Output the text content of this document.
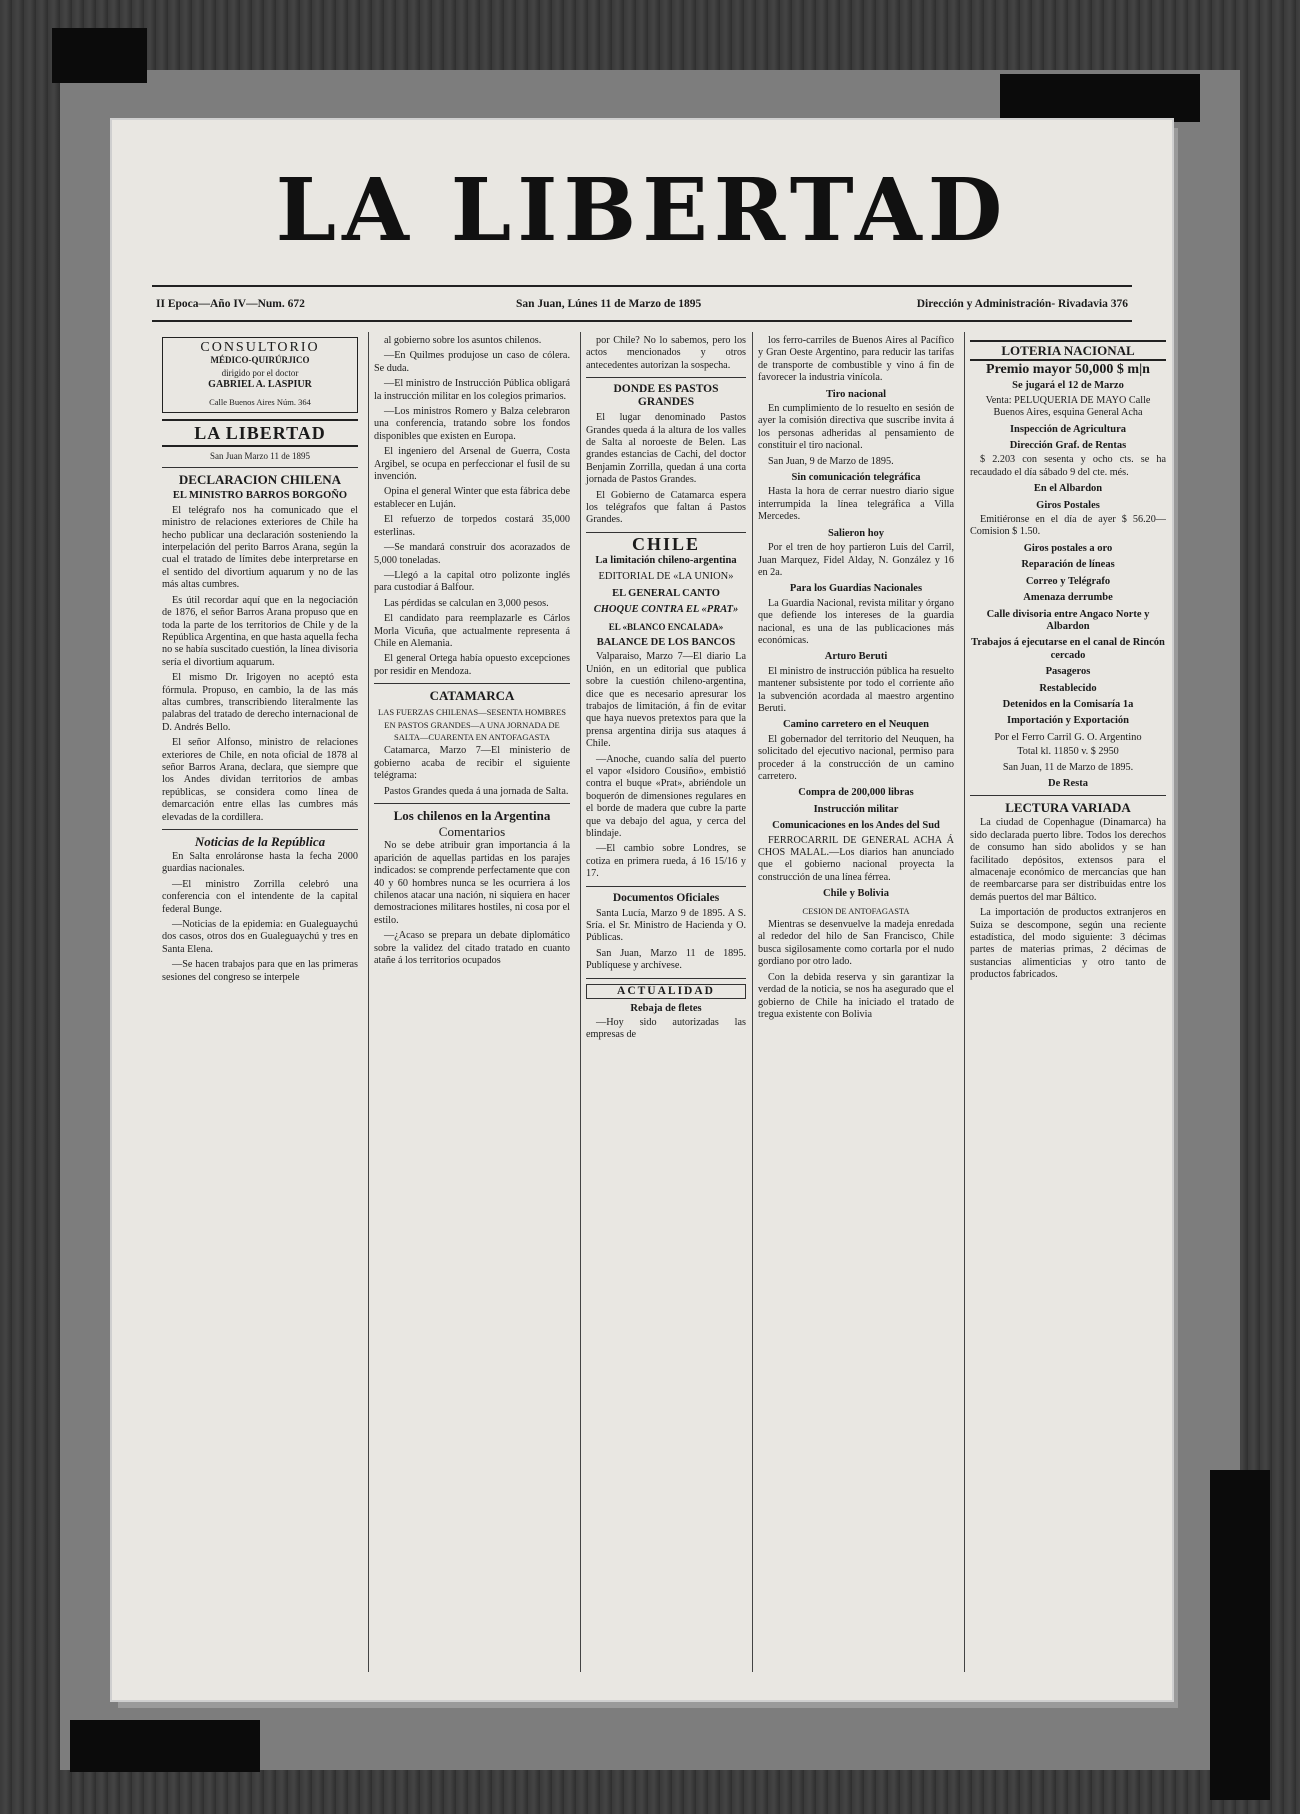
LA LIBERTAD
II Epoca—Año IV—Num. 672	San Juan, Lúnes 11 de Marzo de 1895	Dirección y Administración- Rivadavia 376
CONSULTORIO
MÉDICO-QUIRÚRJICO
dirigido por el doctor
GABRIEL A. LASPIUR
Calle Buenos Aires Núm. 364
LA LIBERTAD
San Juan Marzo 11 de 1895
DECLARACION CHILENA
EL MINISTRO BARROS BORGOÑO

El telégrafo nos ha comunicado que el ministro de relaciones exteriores de Chile ha hecho publicar una declaración sosteniendo la interpelación del perito Barros Arana, según la cual el tratado de límites debe interpretarse en el sentido del divortium aquarum y no de las más altas cumbres.

Es útil recordar aquí que en la negociación de 1876, el señor Barros Arana propuso que en toda la parte de los territorios de Chile y de la República Argentina, en que hasta aquella fecha no se había suscitado cuestión, la línea divisoria sería el divortium aquarum.

El mismo Dr. Irigoyen no aceptó esta fórmula. Propuso, en cambio, la de las más altas cumbres, transcribiendo literalmente las palabras del tratado de derecho internacional de D. Andrés Bello.

El señor Alfonso, ministro de relaciones exteriores de Chile, en nota oficial de 1878 al señor Barros Arana, declara, que siempre que los Andes dividan territorios de ambas repúblicas, se considera como línea de demarcación entre ellas las cumbres más elevadas de la cordillera.

Noticias de la República

En Salta enroláronse hasta la fecha 2000 guardias nacionales.

—El ministro Zorrilla celebró una conferencia con el intendente de la capital federal Bunge.

—Noticias de la epidemia: en Gualeguaychú dos casos, otros dos en Gualeguaychú y tres en Santa Elena.

—Se hacen trabajos para que en las primeras sesiones del congreso se interpele

al gobierno sobre los asuntos chilenos.

—En Quilmes produjose un caso de cólera. Se duda.

—El ministro de Instrucción Pública obligará la instrucción militar en los colegios primarios.

—Los ministros Romero y Balza celebraron una conferencia, tratando sobre los fondos disponibles que existen en Europa.

El ingeniero del Arsenal de Guerra, Costa Argibel, se ocupa en perfeccionar el fusil de su invención.

Opina el general Winter que esta fábrica debe establecer en Luján.

El refuerzo de torpedos costará 35,000 esterlinas.

—Se mandará construir dos acorazados de 5,000 toneladas.

—Llegó a la capital otro polizonte inglés para custodiar á Balfour.

Las pérdidas se calculan en 3,000 pesos.

El candidato para reemplazarle es Cárlos Morla Vicuña, que actualmente representa á Chile en Alemania.

El general Ortega había opuesto excepciones por residir en Mendoza.

CATAMARCA
LAS FUERZAS CHILENAS—SESENTA HOMBRES EN PASTOS GRANDES—A UNA JORNADA DE SALTA—CUARENTA EN ANTOFAGASTA

Catamarca, Marzo 7—El ministerio de gobierno acaba de recibir el siguiente telégrama:

Pastos Grandes queda á una jornada de Salta.

Los chilenos en la Argentina
Comentarios

No se debe atribuir gran importancia á la aparición de aquellas partidas en los parajes indicados: se comprende perfectamente que con 40 y 60 hombres nunca se les ocurriera á los chilenos atacar una nación, ni siquiera en hacer demostraciones militares hostiles, ni cosa por el estilo.

—¿Acaso se prepara un debate diplomático sobre la validez del citado tratado en cuanto atañe á los territorios ocupados

por Chile? No lo sabemos, pero los actos mencionados y otros antecedentes autorizan la sospecha.

DONDE ES PASTOS GRANDES

El lugar denominado Pastos Grandes queda á la altura de los valles de Salta al noroeste de Belen. Las grandes estancias de Cachi, del doctor Benjamin Zorrilla, quedan á una corta jornada de Pastos Grandes.

El Gobierno de Catamarca espera los telégrafos que faltan á Pastos Grandes.

CHILE
La limitación chileno-argentina
EDITORIAL DE «LA UNION»
EL GENERAL CANTO
CHOQUE CONTRA EL «PRAT»
EL «BLANCO ENCALADA»
BALANCE DE LOS BANCOS

Valparaiso, Marzo 7—El diario La Unión, en un editorial que publica sobre la cuestión chileno-argentina, dice que es necesario apresurar los trabajos de limitación, á fin de evitar que haya nuevos pretextos para que la prensa argentina dirija sus ataques á Chile.

—Anoche, cuando salía del puerto el vapor «Isidoro Cousiño», embistió contra el buque «Prat», abriéndole un boquerón de dimensiones regulares en el borde de madera que cubre la parte que va debajo del agua, y cerca del blindaje.

—El cambio sobre Londres, se cotiza en primera rueda, á 16 15/16 y 17.

Documentos Oficiales

Santa Lucía, Marzo 9 de 1895. A S. Sría. el Sr. Ministro de Hacienda y O. Públicas.

San Juan, Marzo 11 de 1895. Publíquese y archívese.

ACTUALIDAD
Rebaja de fletes

—Hoy sido autorizadas las empresas de

los ferro-carriles de Buenos Aires al Pacífico y Gran Oeste Argentino, para reducir las tarifas de transporte de combustible y vino á fin de favorecer la industria vinícola.

Tiro nacional

En cumplimiento de lo resuelto en sesión de ayer la comisión directiva que suscribe invita á los personas adheridas al pensamiento de constituir el tiro nacional.

San Juan, 9 de Marzo de 1895.

Sin comunicación telegráfica

Hasta la hora de cerrar nuestro diario sigue interrumpida la línea telegráfica a Villa Mercedes.

Salieron hoy

Por el tren de hoy partieron Luis del Carril, Juan Marquez, Fidel Alday, N. González y 16 en 2a.

Para los Guardias Nacionales

La Guardia Nacional, revista militar y órgano que defiende los intereses de la guardia nacional, es una de las publicaciones más económicas.

Arturo Beruti

El ministro de instrucción pública ha resuelto mantener subsistente por todo el corriente año la subvención acordada al maestro argentino Beruti.

Camino carretero en el Neuquen

El gobernador del territorio del Neuquen, ha solicitado del ejecutivo nacional, permiso para proceder á la construcción de un camino carretero.

Compra de 200,000 libras
Instrucción militar
Comunicaciones en los Andes del Sud

FERROCARRIL DE GENERAL ACHA Á CHOS MALAL.—Los diarios han anunciado que el gobierno nacional proyecta la construcción de una línea férrea.

Chile y Bolivia
CESION DE ANTOFAGASTA

Mientras se desenvuelve la madeja enredada al rededor del hilo de San Francisco, Chile busca sigilosamente como cortarla por el nudo gordiano por otro lado.

Con la debida reserva y sin garantizar la verdad de la noticia, se nos ha asegurado que el gobierno de Chile ha iniciado el tratado de tregua existente con Bolivia

LOTERIA NACIONAL
Premio mayor 50,000 $ m|n
Se jugará el 12 de Marzo

Venta: PELUQUERIA DE MAYO Calle Buenos Aires, esquina General Acha

Inspección de Agricultura
Dirección Graf. de Rentas

$ 2.203 con sesenta y ocho cts. se ha recaudado el día sábado 9 del cte. més.

En el Albardon
Giros Postales

Emitiéronse en el día de ayer $ 56.20—Comision $ 1.50.

Giros postales a oro
Reparación de líneas
Correo y Telégrafo
Amenaza derrumbe
Calle divisoria entre Angaco Norte y Albardon
Trabajos á ejecutarse en el canal de Rincón cercado
Pasageros
Restablecido
Detenidos en la Comisaría 1a
Importación y Exportación
Por el Ferro Carril G. O. Argentino

Total kl. 11850 v. $ 2950

San Juan, 11 de Marzo de 1895.

De Resta
LECTURA VARIADA

La ciudad de Copenhague (Dinamarca) ha sido declarada puerto libre. Todos los derechos de consumo han sido abolidos y se han facilitado depósitos, extensos para el almacenaje económico de mercancías que han de reembarcarse para ser distribuidas entre los demás puertos del mar Báltico.

La importación de productos extranjeros en Suiza se descompone, según una reciente estadística, del modo siguiente: 3 décimas partes de materias primas, 2 décimas de sustancias alimenticias y otro tanto de productos fabricados.
